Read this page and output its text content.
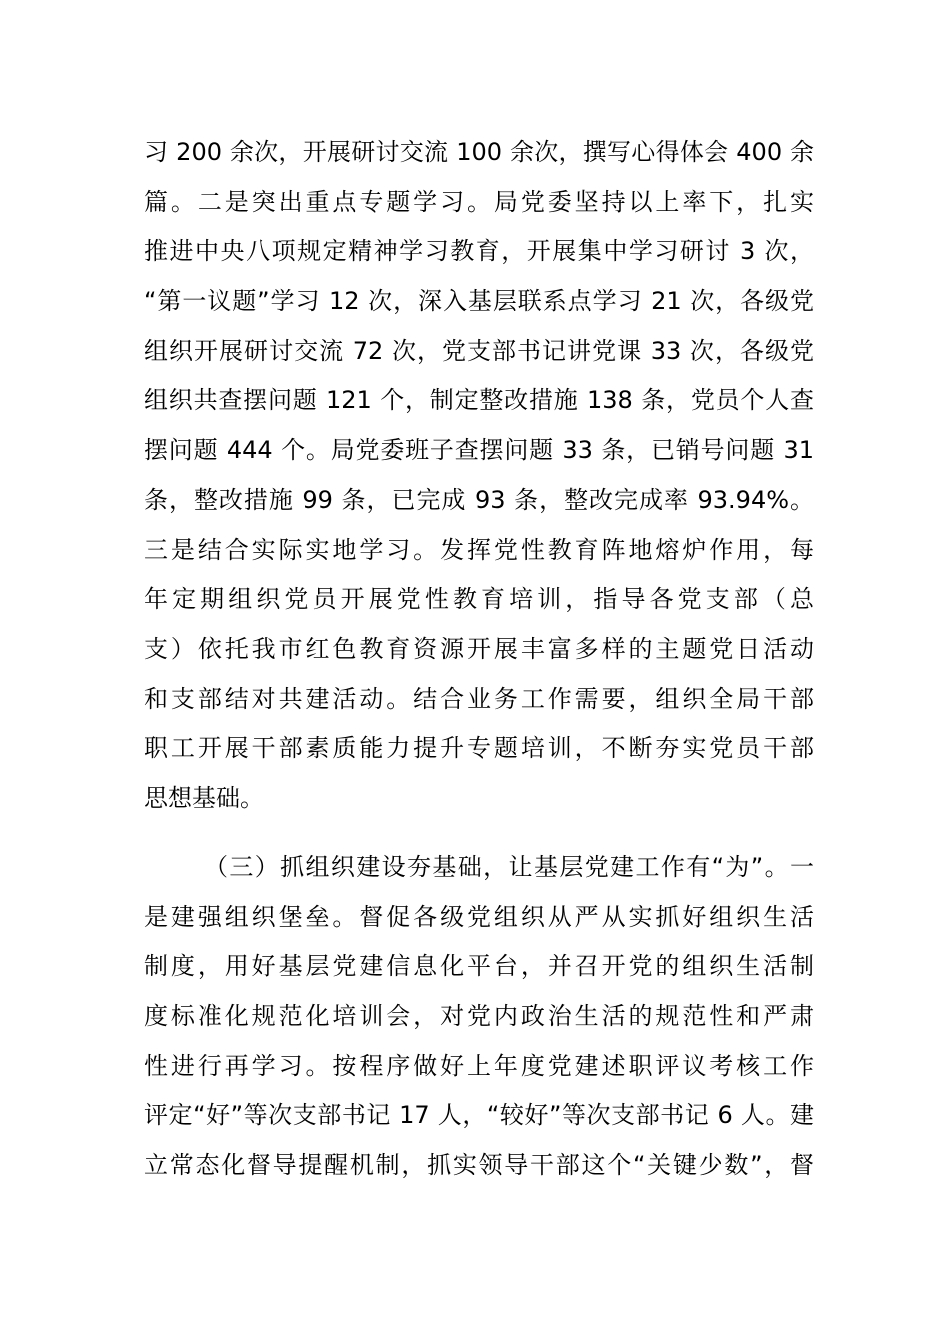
习 200 余次，开展研讨交流 100 余次，撰写心得体会 400 余
篇。二是突出重点专题学习。局党委坚持以上率下，扎实
推进中央八项规定精神学习教育，开展集中学习研讨 3 次，
“第一议题”学习 12 次，深入基层联系点学习 21 次，各级党
组织开展研讨交流 72 次，党支部书记讲党课 33 次，各级党
组织共查摆问题 121 个，制定整改措施 138 条，党员个人查
摆问题 444 个。局党委班子查摆问题 33 条，已销号问题 31
条，整改措施 99 条，已完成 93 条，整改完成率 93.94%。
三是结合实际实地学习。发挥党性教育阵地熔炉作用，每
年定期组织党员开展党性教育培训，指导各党支部（总
支）依托我市红色教育资源开展丰富多样的主题党日活动
和支部结对共建活动。结合业务工作需要，组织全局干部
职工开展干部素质能力提升专题培训，不断夯实党员干部
思想基础。
（三）抓组织建设夯基础，让基层党建工作有“为”。一
是建强组织堡垒。督促各级党组织从严从实抓好组织生活
制度，用好基层党建信息化平台，并召开党的组织生活制
度标准化规范化培训会，对党内政治生活的规范性和严肃
性进行再学习。按程序做好上年度党建述职评议考核工作
评定“好”等次支部书记 17 人，“较好”等次支部书记 6 人。建
立常态化督导提醒机制，抓实领导干部这个“关键少数”，督
